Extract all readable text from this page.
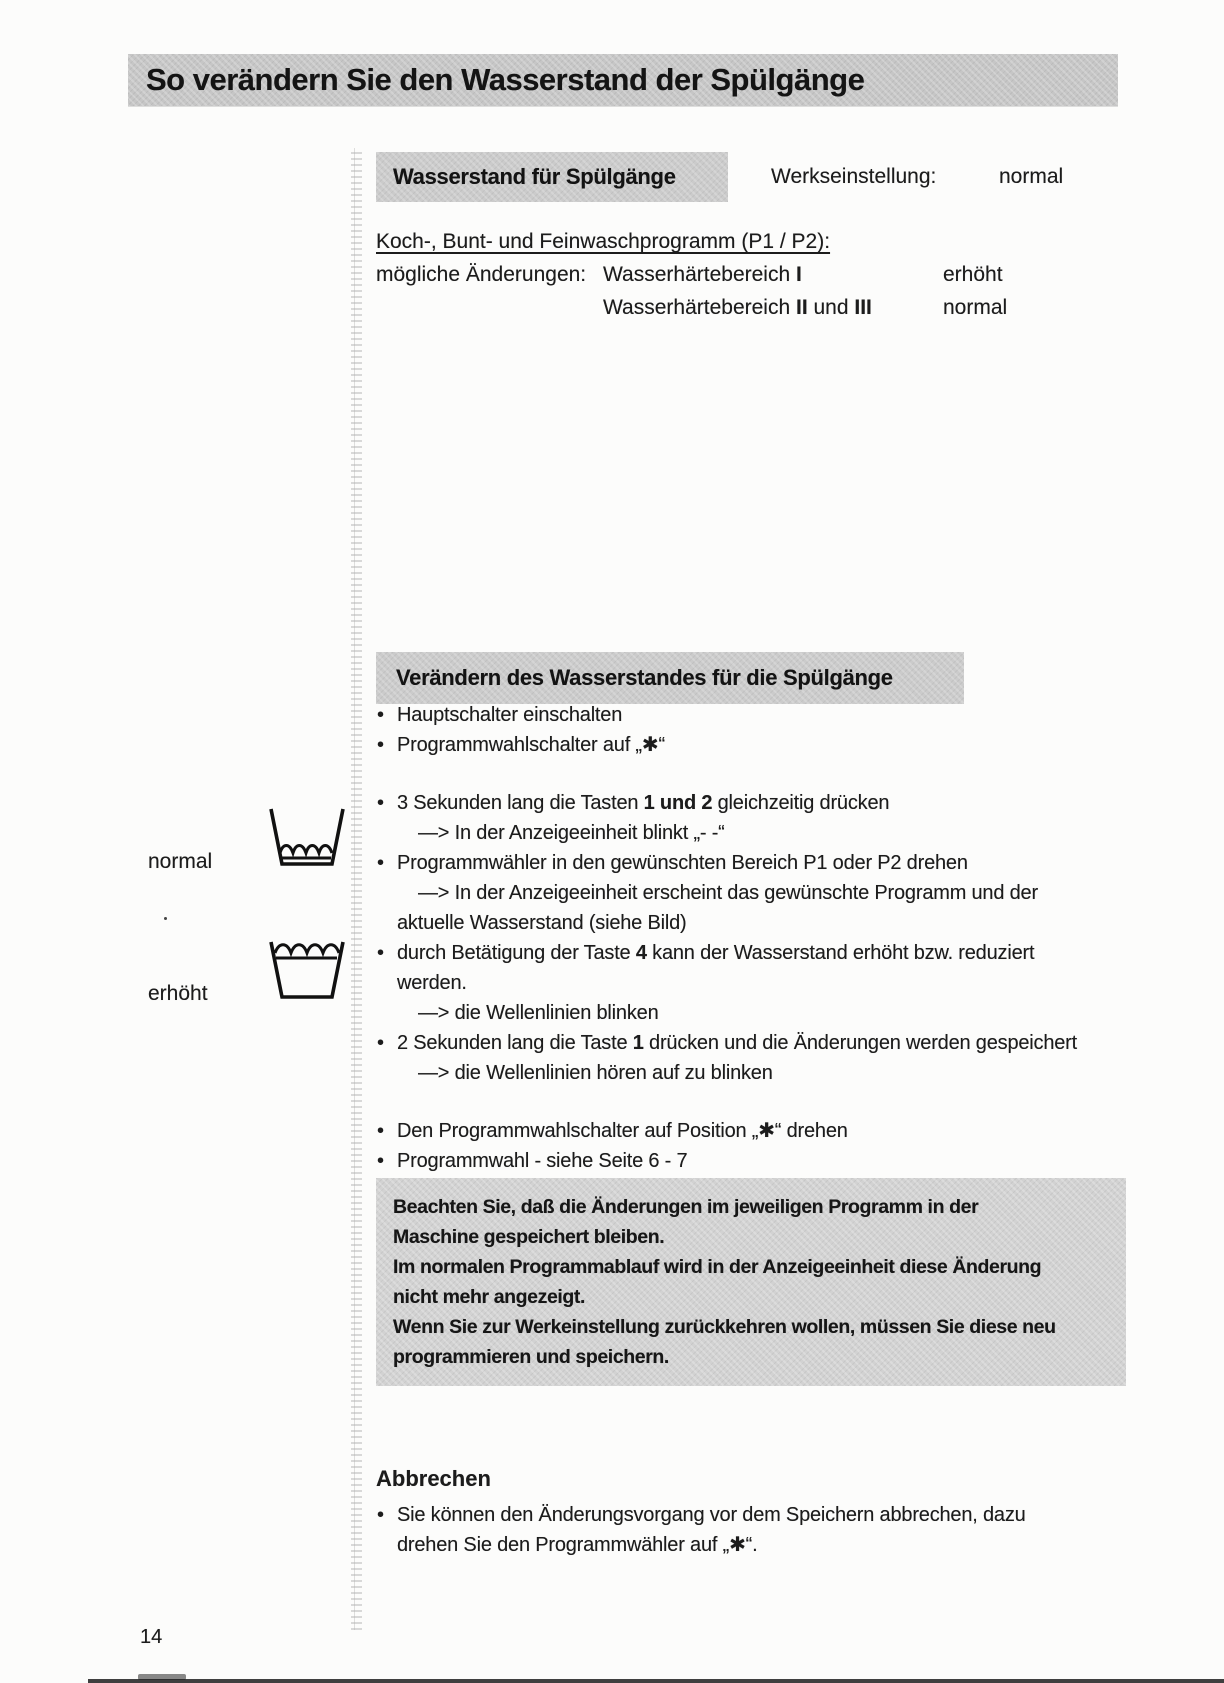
So verändern Sie den Wasserstand der Spülgänge

Wasserstand für Spülgänge	Werkseinstellung:	normal
Koch-, Bunt- und Feinwaschprogramm (P1 / P2):
mögliche Änderungen: Wasserhärtebereich I	erhöht
Wasserhärtebereich II und III	normal
normal
erhöht

Verändern des Wasserstandes für die Spülgänge

• Hauptschalter einschalten
• Programmwahlschalter auf „✱“
• 3 Sekunden lang die Tasten 1 und 2 gleichzeitig drücken
—> In der Anzeigeeinheit blinkt „- -“
• Programmwähler in den gewünschten Bereich P1 oder P2 drehen
—> In der Anzeigeeinheit erscheint das gewünschte Programm und der
aktuelle Wasserstand (siehe Bild)
• durch Betätigung der Taste 4 kann der Wasserstand erhöht bzw. reduziert
werden.
—> die Wellenlinien blinken
• 2 Sekunden lang die Taste 1 drücken und die Änderungen werden gespeichert
—> die Wellenlinien hören auf zu blinken
• Den Programmwahlschalter auf Position „✱“ drehen
• Programmwahl - siehe Seite 6 - 7
Beachten Sie, daß die Änderungen im jeweiligen Programm in der
Maschine gespeichert bleiben.
Im normalen Programmablauf wird in der Anzeigeeinheit diese Änderung
nicht mehr angezeigt.
Wenn Sie zur Werkeinstellung zurückkehren wollen, müssen Sie diese neu
programmieren und speichern.
Abbrechen
• Sie können den Änderungsvorgang vor dem Speichern abbrechen, dazu
drehen Sie den Programmwähler auf „✱“.
14
